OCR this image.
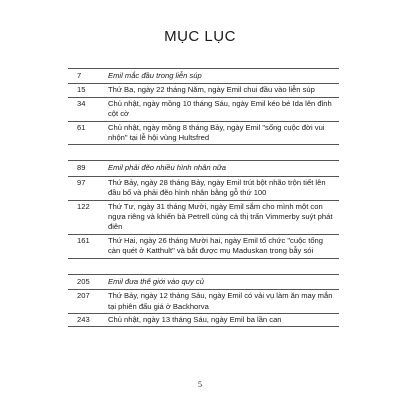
MỤC LỤC
7	Emil mắc đầu trong liễn súp
15	Thứ Ba, ngày 22 tháng Năm, ngày Emil chui đầu vào liễn súp
34	Chủ nhật, ngày mồng 10 tháng Sáu, ngày Emil kéo bé Ida lên đỉnh cột cờ
61	Chủ nhật, ngày mồng 8 tháng Bảy, ngày Emil "sống cuộc đời vui nhộn" tại lễ hội vùng Hultsfred
89	Emil phải đẽo nhiều hình nhân nữa
97	Thứ Bảy, ngày 28 tháng Bảy, ngày Emil trút bột nhão trộn tiết lên đầu bố và phải đẽo hình nhân bằng gỗ thứ 100
122	Thứ Tư, ngày 31 tháng Mười, ngày Emil sắm cho mình một con ngựa riêng và khiến bà Petrell cùng cả thị trấn Vimmerby suýt phát điên
161	Thứ Hai, ngày 26 tháng Mười hai, ngày Emil tổ chức "cuộc tổng càn quét ở Katthult" và bắt được mụ Maduskan trong bẫy sói
205	Emil đưa thế giới vào quy củ
207	Thứ Bảy, ngày 12 tháng Sáu, ngày Emil có vải vụ làm ăn may mắn tại phiên đấu giá ở Backhorva
243	Chủ nhật, ngày 13 tháng Sáu, ngày Emil ba lần can
5
